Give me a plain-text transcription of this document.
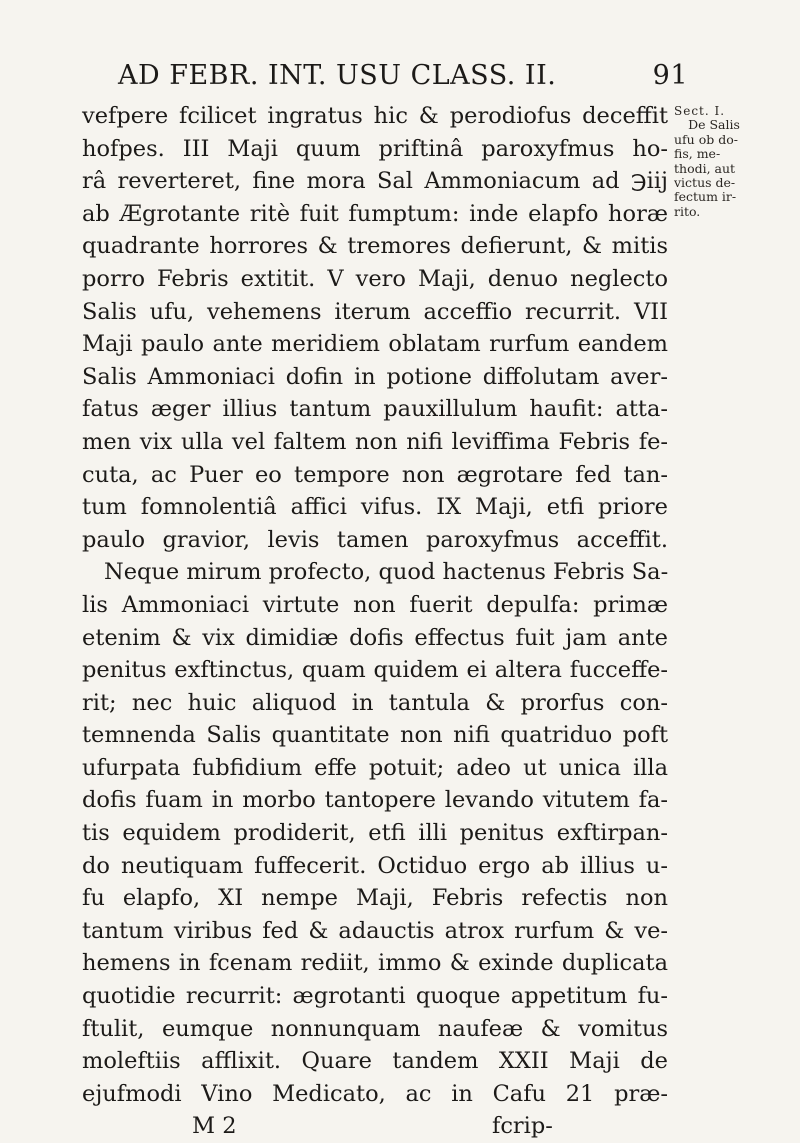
AD FEBR. INT. USU CLASS. II.	91
vefpere fcilicet ingratus hic & perodiofus deceffit
hofpes. III Maji quum priftinâ paroxyfmus ho-
râ reverteret, fine mora Sal Ammoniacum ad ℈iij
ab Ægrotante ritè fuit fumptum: inde elapfo horæ
quadrante horrores & tremores defierunt, & mitis
porro Febris extitit. V vero Maji, denuo neglecto
Salis ufu, vehemens iterum acceffio recurrit. VII
Maji paulo ante meridiem oblatam rurfum eandem
Salis Ammoniaci dofin in potione diffolutam aver-
fatus æger illius tantum pauxillulum haufit: atta-
men vix ulla vel faltem non nifi leviffima Febris fe-
cuta, ac Puer eo tempore non ægrotare fed tan-
tum fomnolentiâ affici vifus. IX Maji, etfi priore
paulo gravior, levis tamen paroxyfmus acceffit.
Neque mirum profecto, quod hactenus Febris Sa-
lis Ammoniaci virtute non fuerit depulfa: primæ
etenim & vix dimidiæ dofis effectus fuit jam ante
penitus exftinctus, quam quidem ei altera fucceffe-
rit; nec huic aliquod in tantula & prorfus con-
temnenda Salis quantitate non nifi quatriduo poft
ufurpata fubfidium effe potuit; adeo ut unica illa
dofis fuam in morbo tantopere levando vitutem fa-
tis equidem prodiderit, etfi illi penitus exftirpan-
do neutiquam fuffecerit. Octiduo ergo ab illius u-
fu elapfo, XI nempe Maji, Febris refectis non
tantum viribus fed & adauctis atrox rurfum & ve-
hemens in fcenam rediit, immo & exinde duplicata
quotidie recurrit: ægrotanti quoque appetitum fu-
ftulit, eumque nonnunquam naufeæ & vomitus
moleftiis afflixit. Quare tandem XXII Maji de
ejufmodi Vino Medicato, ac in Cafu 21 præ-
M 2	fcrip-
Sect. I.
De Salis
ufu ob do-
fis, me-
thodi, aut
victus de-
fectum ir-
rito.
